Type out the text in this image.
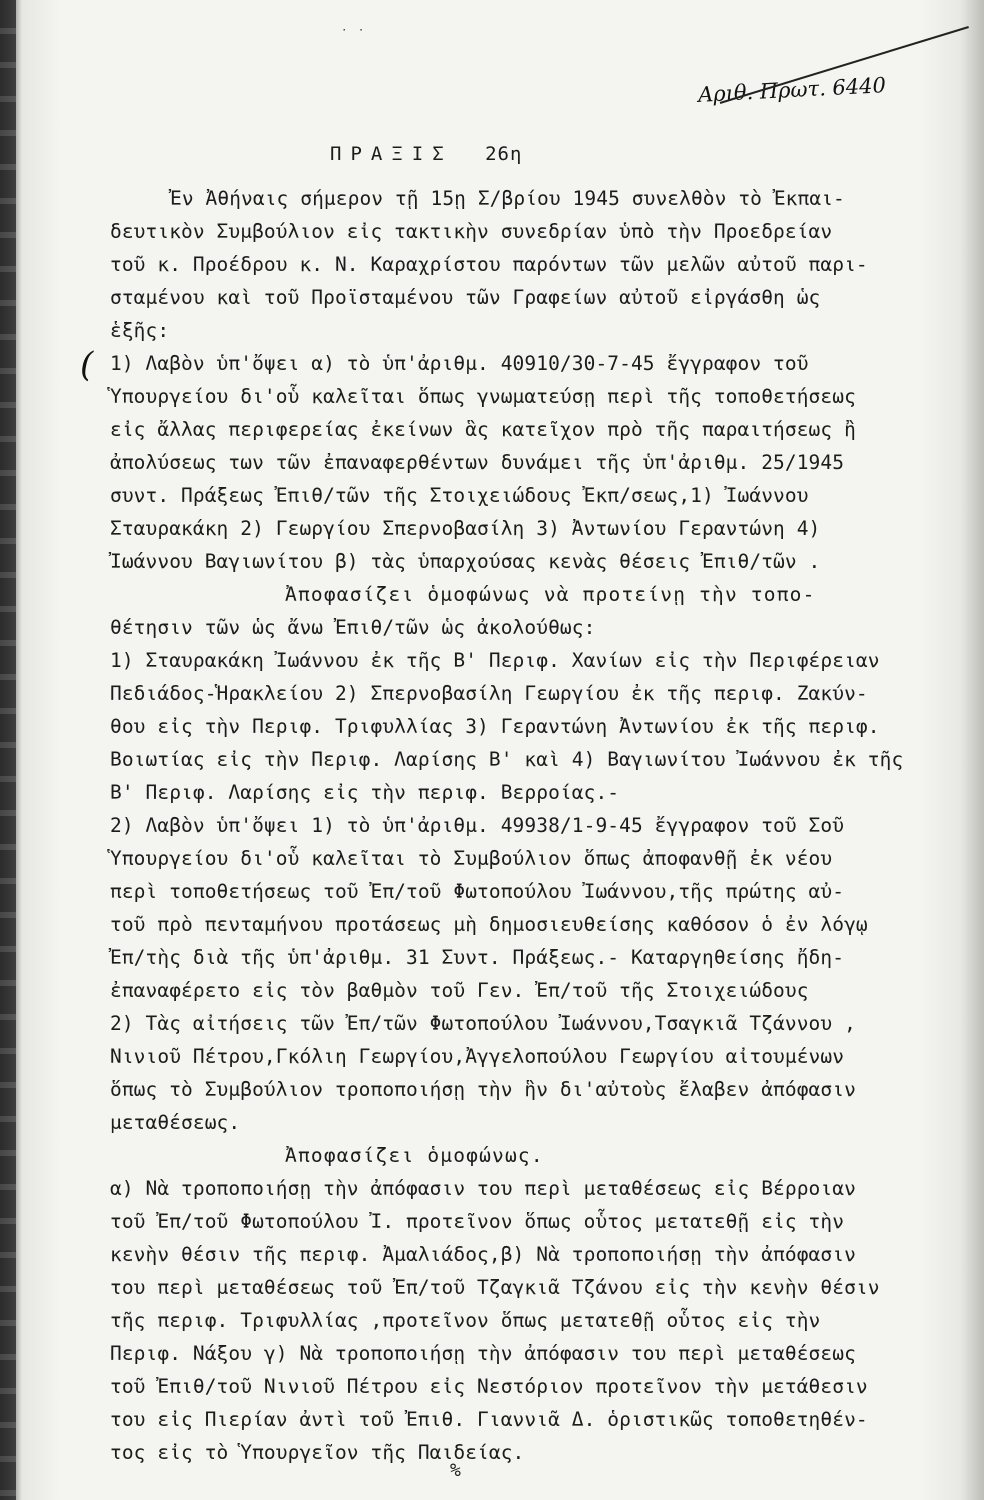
˙ ˙
Αριθ. Πρωτ. 6440
ΠΡΑΞΙΣ 26η
(
Ἐν Ἀθήναις σήμερον τῇ 15ῃ Σ/βρίου 1945 συνελθὸν τὸ Ἐκπαι-
δευτικὸν Συμβούλιον εἰς τακτικὴν συνεδρίαν ὑπὸ τὴν Προεδρείαν
τοῦ κ. Προέδρου κ. Ν. Καραχρίστου παρόντων τῶν μελῶν αὐτοῦ παρι-
σταμένου καὶ τοῦ Προϊσταμένου τῶν Γραφείων αὐτοῦ εἰργάσθη ὡς
ἑξῆς:
1) Λαβὸν ὑπ'ὄψει α) τὸ ὑπ'ἀριθμ. 40910/30-7-45 ἔγγραφον τοῦ
Ὑπουργείου δι'οὗ καλεῖται ὅπως γνωματεύσῃ περὶ τῆς τοποθετήσεως
εἰς ἄλλας περιφερείας ἐκείνων ἃς κατεῖχον πρὸ τῆς παραιτήσεως ἢ
ἀπολύσεως των τῶν ἐπαναφερθέντων δυνάμει τῆς ὑπ'ἀριθμ. 25/1945
συντ. Πράξεως Ἐπιθ/τῶν τῆς Στοιχειώδους Ἐκπ/σεως,1) Ἰωάννου
Σταυρακάκη 2) Γεωργίου Σπερνοβασίλη 3) Ἀντωνίου Γεραντώνη 4)
Ἰωάννου Βαγιωνίτου β) τὰς ὑπαρχούσας κενὰς θέσεις Ἐπιθ/τῶν .
Ἀποφασίζει ὁμοφώνως νὰ προτείνῃ τὴν τοπο-
θέτησιν τῶν ὡς ἄνω Ἐπιθ/τῶν ὡς ἀκολούθως:
1) Σταυρακάκη Ἰωάννου ἐκ τῆς Β' Περιφ. Χανίων εἰς τὴν Περιφέρειαν
Πεδιάδος-Ἡρακλείου 2) Σπερνοβασίλη Γεωργίου ἐκ τῆς περιφ. Ζακύν-
θου εἰς τὴν Περιφ. Τριφυλλίας 3) Γεραντώνη Ἀντωνίου ἐκ τῆς περιφ.
Βοιωτίας εἰς τὴν Περιφ. Λαρίσης Β' καὶ 4) Βαγιωνίτου Ἰωάννου ἐκ τῆς
Β' Περιφ. Λαρίσης εἰς τὴν περιφ. Βερροίας.-
2) Λαβὸν ὑπ'ὄψει 1) τὸ ὑπ'ἀριθμ. 49938/1-9-45 ἔγγραφον τοῦ Σοῦ
Ὑπουργείου δι'οὗ καλεῖται τὸ Συμβούλιον ὅπως ἀποφανθῇ ἐκ νέου
περὶ τοποθετήσεως τοῦ Ἐπ/τοῦ Φωτοπούλου Ἰωάννου,τῆς πρώτης αὐ-
τοῦ πρὸ πενταμήνου προτάσεως μὴ δημοσιευθείσης καθόσον ὁ ἐν λόγῳ
Ἐπ/τὴς διὰ τῆς ὑπ'ἀριθμ. 31 Συντ. Πράξεως.- Καταργηθείσης ἤδη-
ἐπαναφέρετο εἰς τὸν βαθμὸν τοῦ Γεν. Ἐπ/τοῦ τῆς Στοιχειώδους
2) Τὰς αἰτήσεις τῶν Ἐπ/τῶν Φωτοπούλου Ἰωάννου,Τσαγκιᾶ Τζάννου ,
Νινιοῦ Πέτρου,Γκόλιη Γεωργίου,Ἀγγελοπούλου Γεωργίου αἰτουμένων
ὅπως τὸ Συμβούλιον τροποποιήσῃ τὴν ἣν δι'αὐτοὺς ἔλαβεν ἀπόφασιν
μεταθέσεως.
Ἀποφασίζει ὁμοφώνως.
α) Νὰ τροποποιήσῃ τὴν ἀπόφασιν του περὶ μεταθέσεως εἰς Βέρροιαν
τοῦ Ἐπ/τοῦ Φωτοπούλου Ἰ. προτεῖνον ὅπως οὗτος μετατεθῇ εἰς τὴν
κενὴν θέσιν τῆς περιφ. Ἀμαλιάδος,β) Νὰ τροποποιήσῃ τὴν ἀπόφασιν
του περὶ μεταθέσεως τοῦ Ἐπ/τοῦ Τζαγκιᾶ Τζάνου εἰς τὴν κενὴν θέσιν
τῆς περιφ. Τριφυλλίας ,προτεῖνον ὅπως μετατεθῇ οὗτος εἰς τὴν
Περιφ. Νάξου γ) Νὰ τροποποιήσῃ τὴν ἀπόφασιν του περὶ μεταθέσεως
τοῦ Ἐπιθ/τοῦ Νινιοῦ Πέτρου εἰς Νεστόριον προτεῖνον τὴν μετάθεσιν
του εἰς Πιερίαν ἀντὶ τοῦ Ἐπιθ. Γιαννιᾶ Δ. ὁριστικῶς τοποθετηθέν-
τος εἰς τὸ Ὑπουργεῖον τῆς Παιδείας.
%
